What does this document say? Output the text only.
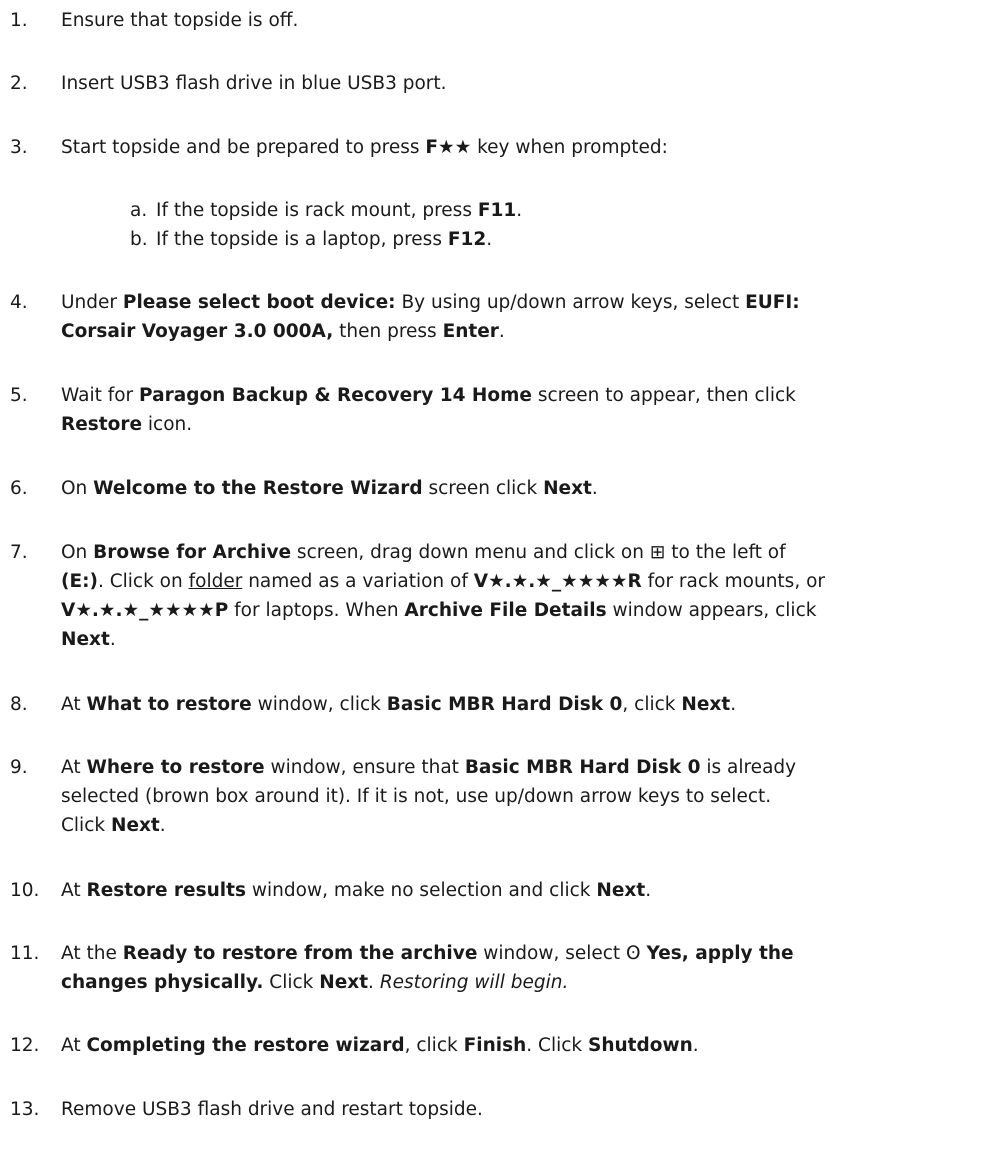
1.	Ensure that topside is off.
2.	Insert USB3 flash drive in blue USB3 port.
3.	Start topside and be prepared to press F★★ key when prompted:
a. If the topside is rack mount, press F11.
b. If the topside is a laptop, press F12.
4.	Under Please select boot device: By using up/down arrow keys, select EUFI:
Corsair Voyager 3.0 000A, then press Enter.
5.	Wait for Paragon Backup & Recovery 14 Home screen to appear, then click
Restore icon.
6.	On Welcome to the Restore Wizard screen click Next.
7.	On Browse for Archive screen, drag down menu and click on ⊞ to the left of
(E:). Click on folder named as a variation of V★.★.★_★★★★R for rack mounts, or
V★.★.★_★★★★P for laptops. When Archive File Details window appears, click
Next.
8.	At What to restore window, click Basic MBR Hard Disk 0, click Next.
9.	At Where to restore window, ensure that Basic MBR Hard Disk 0 is already
selected (brown box around it). If it is not, use up/down arrow keys to select.
Click Next.
10.	At Restore results window, make no selection and click Next.
11.	At the Ready to restore from the archive window, select ʘ Yes, apply the
changes physically. Click Next. Restoring will begin.
12.	At Completing the restore wizard, click Finish. Click Shutdown.
13.	Remove USB3 flash drive and restart topside.
